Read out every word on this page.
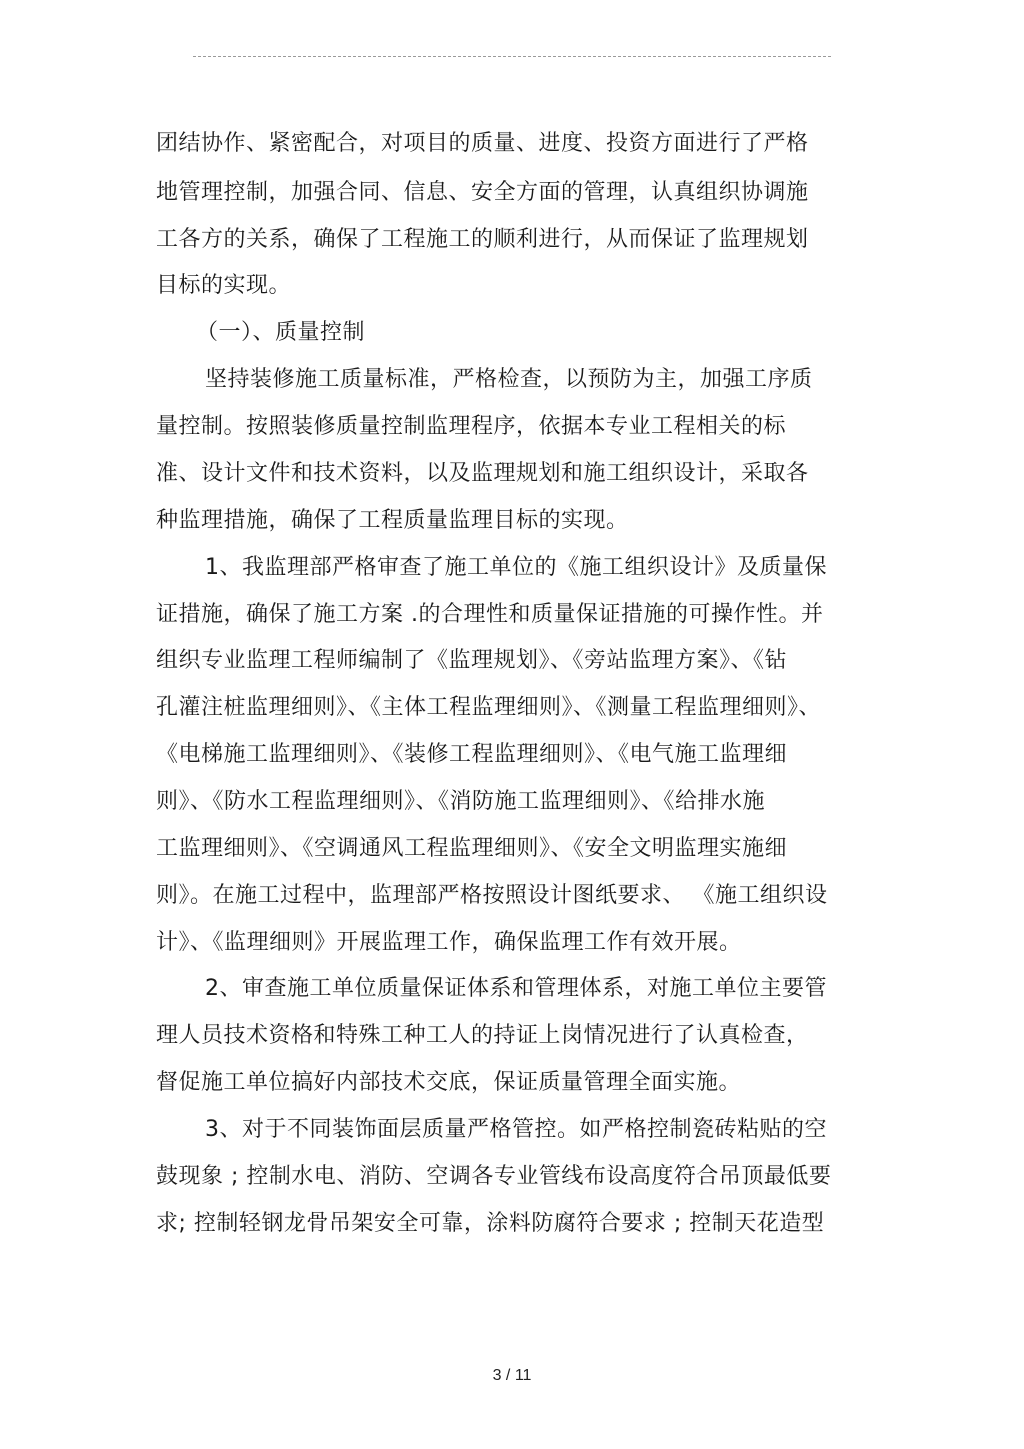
团结协作、紧密配合，对项目的质量、进度、投资方面进行了严格
地管理控制，加强合同、信息、安全方面的管理，认真组织协调施
工各方的关系，确保了工程施工的顺利进行，从而保证了监理规划
目标的实现。
（一）、质量控制
坚持装修施工质量标准，严格检查，以预防为主，加强工序质
量控制。按照装修质量控制监理程序，依据本专业工程相关的标
准、设计文件和技术资料，以及监理规划和施工组织设计，采取各
种监理措施，确保了工程质量监理目标的实现。
1、我监理部严格审查了施工单位的《施工组织设计》及质量保
证措施，确保了施工方案 .的合理性和质量保证措施的可操作性。并
组织专业监理工程师编制了《监理规划》、《旁站监理方案》、《钻
孔灌注桩监理细则》、《主体工程监理细则》、《测量工程监理细则》、
《电梯施工监理细则》、《装修工程监理细则》、《电气施工监理细
则》、《防水工程监理细则》、《消防施工监理细则》、《给排水施
工监理细则》、《空调通风工程监理细则》、《安全文明监理实施细
则》。在施工过程中，监理部严格按照设计图纸要求、 《施工组织设
计》、《监理细则》开展监理工作，确保监理工作有效开展。
2、审查施工单位质量保证体系和管理体系，对施工单位主要管
理人员技术资格和特殊工种工人的持证上岗情况进行了认真检查，
督促施工单位搞好内部技术交底，保证质量管理全面实施。
3、对于不同装饰面层质量严格管控。如严格控制瓷砖粘贴的空
鼓现象 ; 控制水电、消防、空调各专业管线布设高度符合吊顶最低要
求; 控制轻钢龙骨吊架安全可靠，涂料防腐符合要求 ; 控制天花造型
3 / 11
